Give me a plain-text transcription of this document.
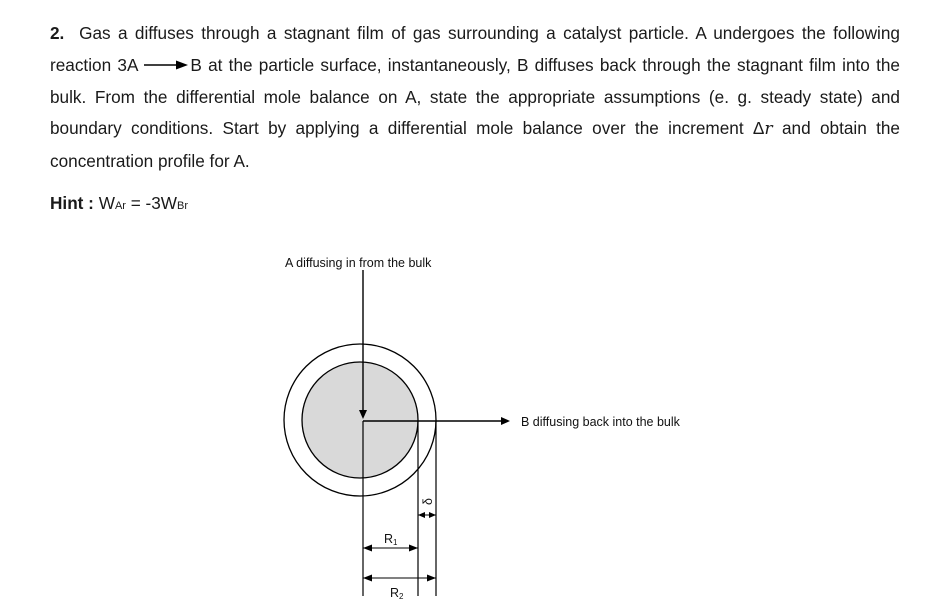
2. Gas a diffuses through a stagnant film of gas surrounding a catalyst particle. A undergoes the following reaction 3A → B at the particle surface, instantaneously, B diffuses back through the stagnant film into the bulk. From the differential mole balance on A, state the appropriate assumptions (e. g. steady state) and boundary conditions. Start by applying a differential mole balance over the increment Δr and obtain the concentration profile for A.

Hint : WAr = -3WBr
A diffusing in from the bulk
B diffusing back into the bulk
δ
R1
R2
